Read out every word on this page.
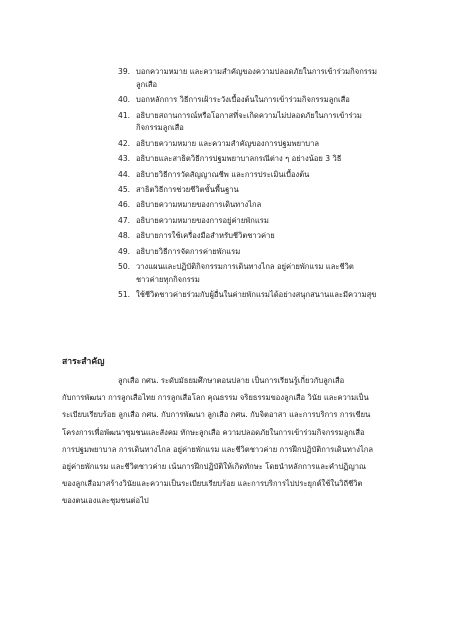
39. บอกความหมาย และความสำคัญของความปลอดภัยในการเข้าร่วมกิจกรรม
ลูกเสือ
40. บอกหลักการ วิธีการเฝ้าระวังเบื้องต้นในการเข้าร่วมกิจกรรมลูกเสือ
41. อธิบายสถานการณ์หรือโอกาสที่จะเกิดความไม่ปลอดภัยในการเข้าร่วม
กิจกรรมลูกเสือ
42. อธิบายความหมาย และความสำคัญของการปฐมพยาบาล
43. อธิบายและสาธิตวิธีการปฐมพยาบาลกรณีต่าง ๆ อย่างน้อย 3 วิธี
44. อธิบายวิธีการวัดสัญญาณชีพ และการประเมินเบื้องต้น
45. สาธิตวิธีการช่วยชีวิตขั้นพื้นฐาน
46. อธิบายความหมายของการเดินทางไกล
47. อธิบายความหมายของการอยู่ค่ายพักแรม
48. อธิบายการใช้เครื่องมือสำหรับชีวิตชาวค่าย
49. อธิบายวิธีการจัดการค่ายพักแรม
50. วางแผนและปฏิบัติกิจกรรมการเดินทางไกล อยู่ค่ายพักแรม และชีวิต
ชาวค่ายทุกกิจกรรม
51. ใช้ชีวิตชาวค่ายร่วมกับผู้อื่นในค่ายพักแรมได้อย่างสนุกสนานและมีความสุข
สาระสำคัญ

ลูกเสือ กศน. ระดับมัธยมศึกษาตอนปลาย เป็นการเรียนรู้เกี่ยวกับลูกเสือ
กับการพัฒนา การลูกเสือไทย การลูกเสือโลก คุณธรรม จริยธรรมของลูกเสือ วินัย และความเป็น
ระเบียบเรียบร้อย ลูกเสือ กศน. กับการพัฒนา ลูกเสือ กศน. กับจิตอาสา และการบริการ การเขียน
โครงการเพื่อพัฒนาชุมชนและสังคม ทักษะลูกเสือ ความปลอดภัยในการเข้าร่วมกิจกรรมลูกเสือ
การปฐมพยาบาล การเดินทางไกล อยู่ค่ายพักแรม และชีวิตชาวค่าย การฝึกปฏิบัติการเดินทางไกล
อยู่ค่ายพักแรม และชีวิตชาวค่าย เน้นการฝึกปฏิบัติให้เกิดทักษะ โดยนำหลักการและคำปฏิญาณ
ของลูกเสือมาสร้างวินัยและความเป็นระเบียบเรียบร้อย และการบริการไปประยุกต์ใช้ในวิถีชีวิต
ของตนเองและชุมชนต่อไป
